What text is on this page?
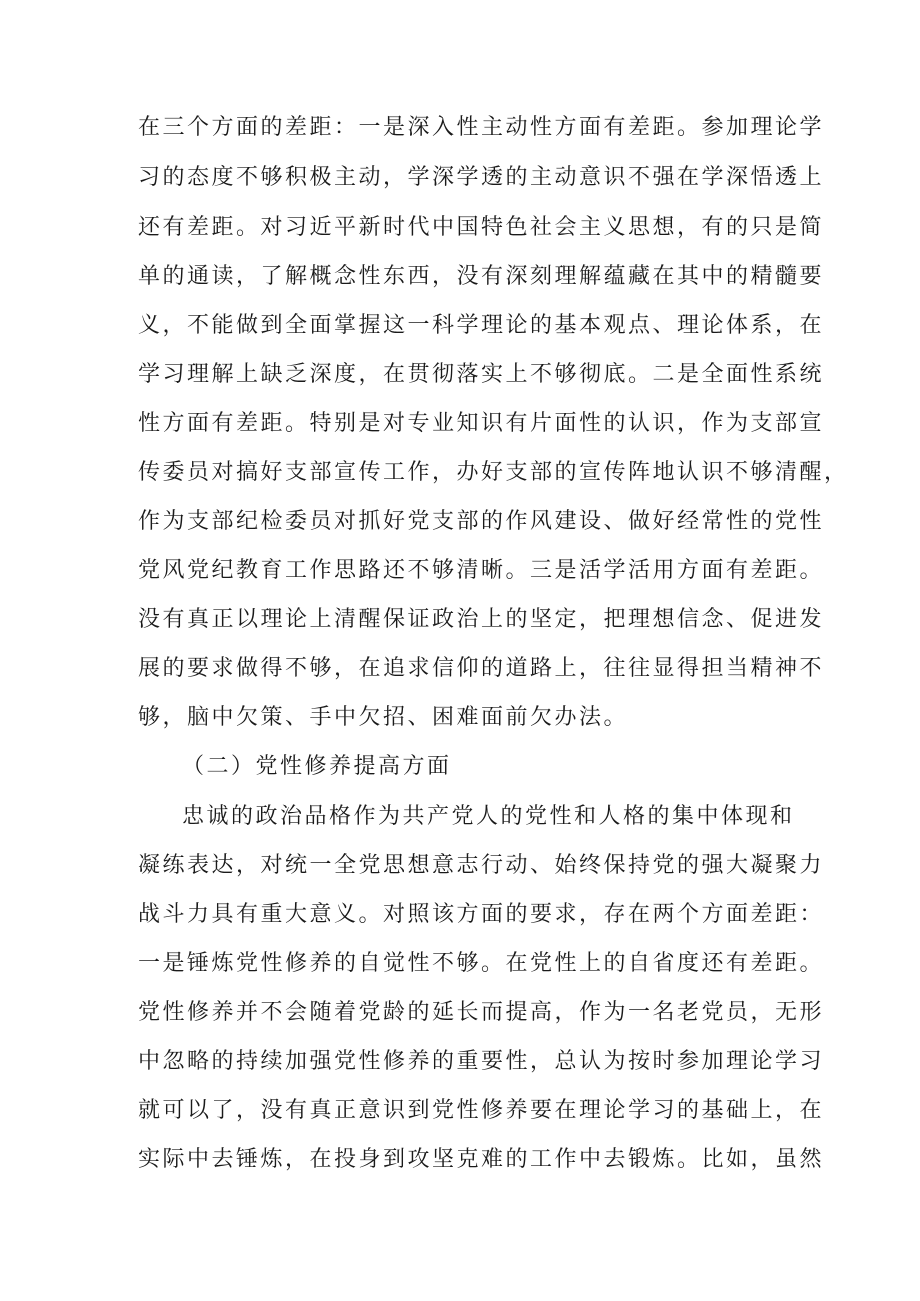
在三个方面的差距：一是深入性主动性方面有差距。参加理论学
习的态度不够积极主动，学深学透的主动意识不强在学深悟透上
还有差距。对习近平新时代中国特色社会主义思想，有的只是简
单的通读，了解概念性东西，没有深刻理解蕴藏在其中的精髓要
义，不能做到全面掌握这一科学理论的基本观点、理论体系，在
学习理解上缺乏深度，在贯彻落实上不够彻底。二是全面性系统
性方面有差距。特别是对专业知识有片面性的认识，作为支部宣
传委员对搞好支部宣传工作，办好支部的宣传阵地认识不够清醒，
作为支部纪检委员对抓好党支部的作风建设、做好经常性的党性
党风党纪教育工作思路还不够清晰。三是活学活用方面有差距。
没有真正以理论上清醒保证政治上的坚定，把理想信念、促进发
展的要求做得不够，在追求信仰的道路上，往往显得担当精神不
够，脑中欠策、手中欠招、困难面前欠办法。
（二）党性修养提高方面
忠诚的政治品格作为共产党人的党性和人格的集中体现和
凝练表达，对统一全党思想意志行动、始终保持党的强大凝聚力
战斗力具有重大意义。对照该方面的要求，存在两个方面差距：
一是锤炼党性修养的自觉性不够。在党性上的自省度还有差距。
党性修养并不会随着党龄的延长而提高，作为一名老党员，无形
中忽略的持续加强党性修养的重要性，总认为按时参加理论学习
就可以了，没有真正意识到党性修养要在理论学习的基础上，在
实际中去锤炼，在投身到攻坚克难的工作中去锻炼。比如，虽然
